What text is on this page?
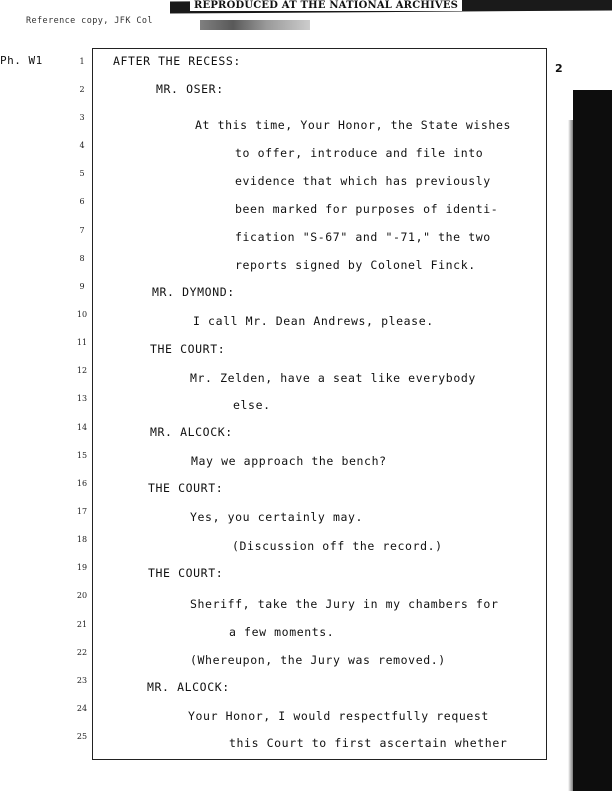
REPRODUCED AT THE NATIONAL ARCHIVES
Reference copy, JFK Col
Ph. W1
2
1	AFTER THE RECESS:
2	MR. OSER:
3
At this time, Your Honor, the State wishes
4
to offer, introduce and file into
5
evidence that which has previously
6
been marked for purposes of identi-
7	fication "S-67" and "-71," the two
8	reports signed by Colonel Finck.
9	MR. DYMOND:
10	I call Mr. Dean Andrews, please.
11	THE COURT:
12
Mr. Zelden, have a seat like everybody
13	else.
14	MR. ALCOCK:
15	May we approach the bench?
16	THE COURT:
17	Yes, you certainly may.
18	(Discussion off the record.)
19	THE COURT:
20
Sheriff, take the Jury in my chambers for
21
a few moments.
22
(Whereupon, the Jury was removed.)
23	MR. ALCOCK:
24
Your Honor, I would respectfully request
25	this Court to first ascertain whether
